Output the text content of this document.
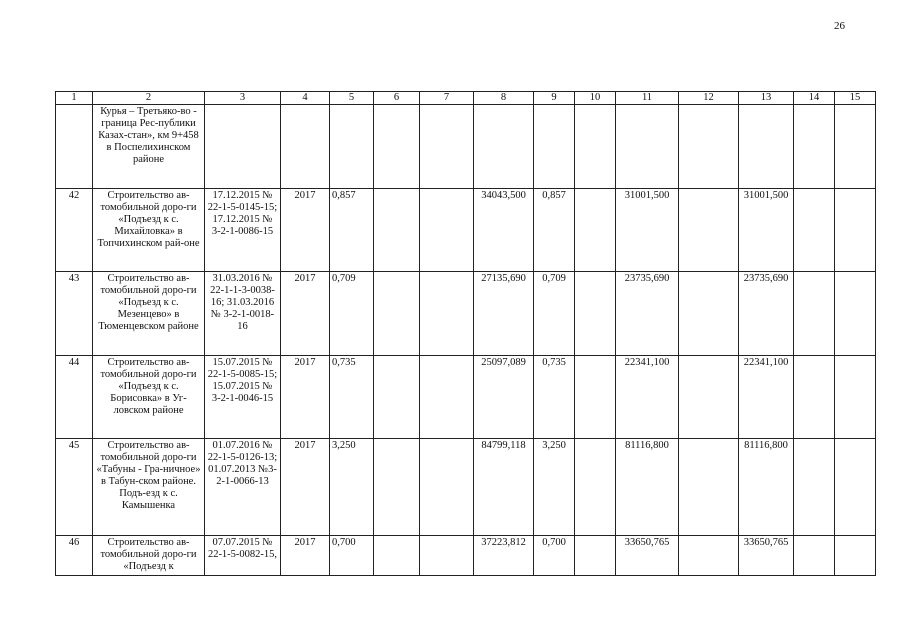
26
1	2	3	4	5	6	7	8	9	10	11	12	13	14	15
	Курья – Третьяко-во - граница Рес-публики Казах-стан», км 9+458 в Поспелихинском районе													
42	Строительство ав-томобильной доро-ги «Подъезд к с. Михайловка» в Топчихинском рай-оне	17.12.2015 № 22-1-5-0145-15; 17.12.2015 № 3-2-1-0086-15	2017	0,857			34043,500	0,857		31001,500		31001,500		
43	Строительство ав-томобильной доро-ги «Подъезд к с. Мезенцево» в Тюменцевском районе	31.03.2016 № 22-1-1-3-0038-16; 31.03.2016 № 3-2-1-0018-16	2017	0,709			27135,690	0,709		23735,690		23735,690		
44	Строительство ав-томобильной доро-ги «Подъезд к с. Борисовка» в Уг-ловском районе	15.07.2015 № 22-1-5-0085-15; 15.07.2015 № 3-2-1-0046-15	2017	0,735			25097,089	0,735		22341,100		22341,100		
45	Строительство ав-томобильной доро-ги «Табуны - Гра-ничное» в Табун-ском районе. Подъ-езд к с. Камышенка	01.07.2016 № 22-1-5-0126-13; 01.07.2013 №3-2-1-0066-13	2017	3,250			84799,118	3,250		81116,800		81116,800		
46	Строительство ав-томобильной доро-ги «Подъезд к	07.07.2015 № 22-1-5-0082-15,	2017	0,700			37223,812	0,700		33650,765		33650,765		
